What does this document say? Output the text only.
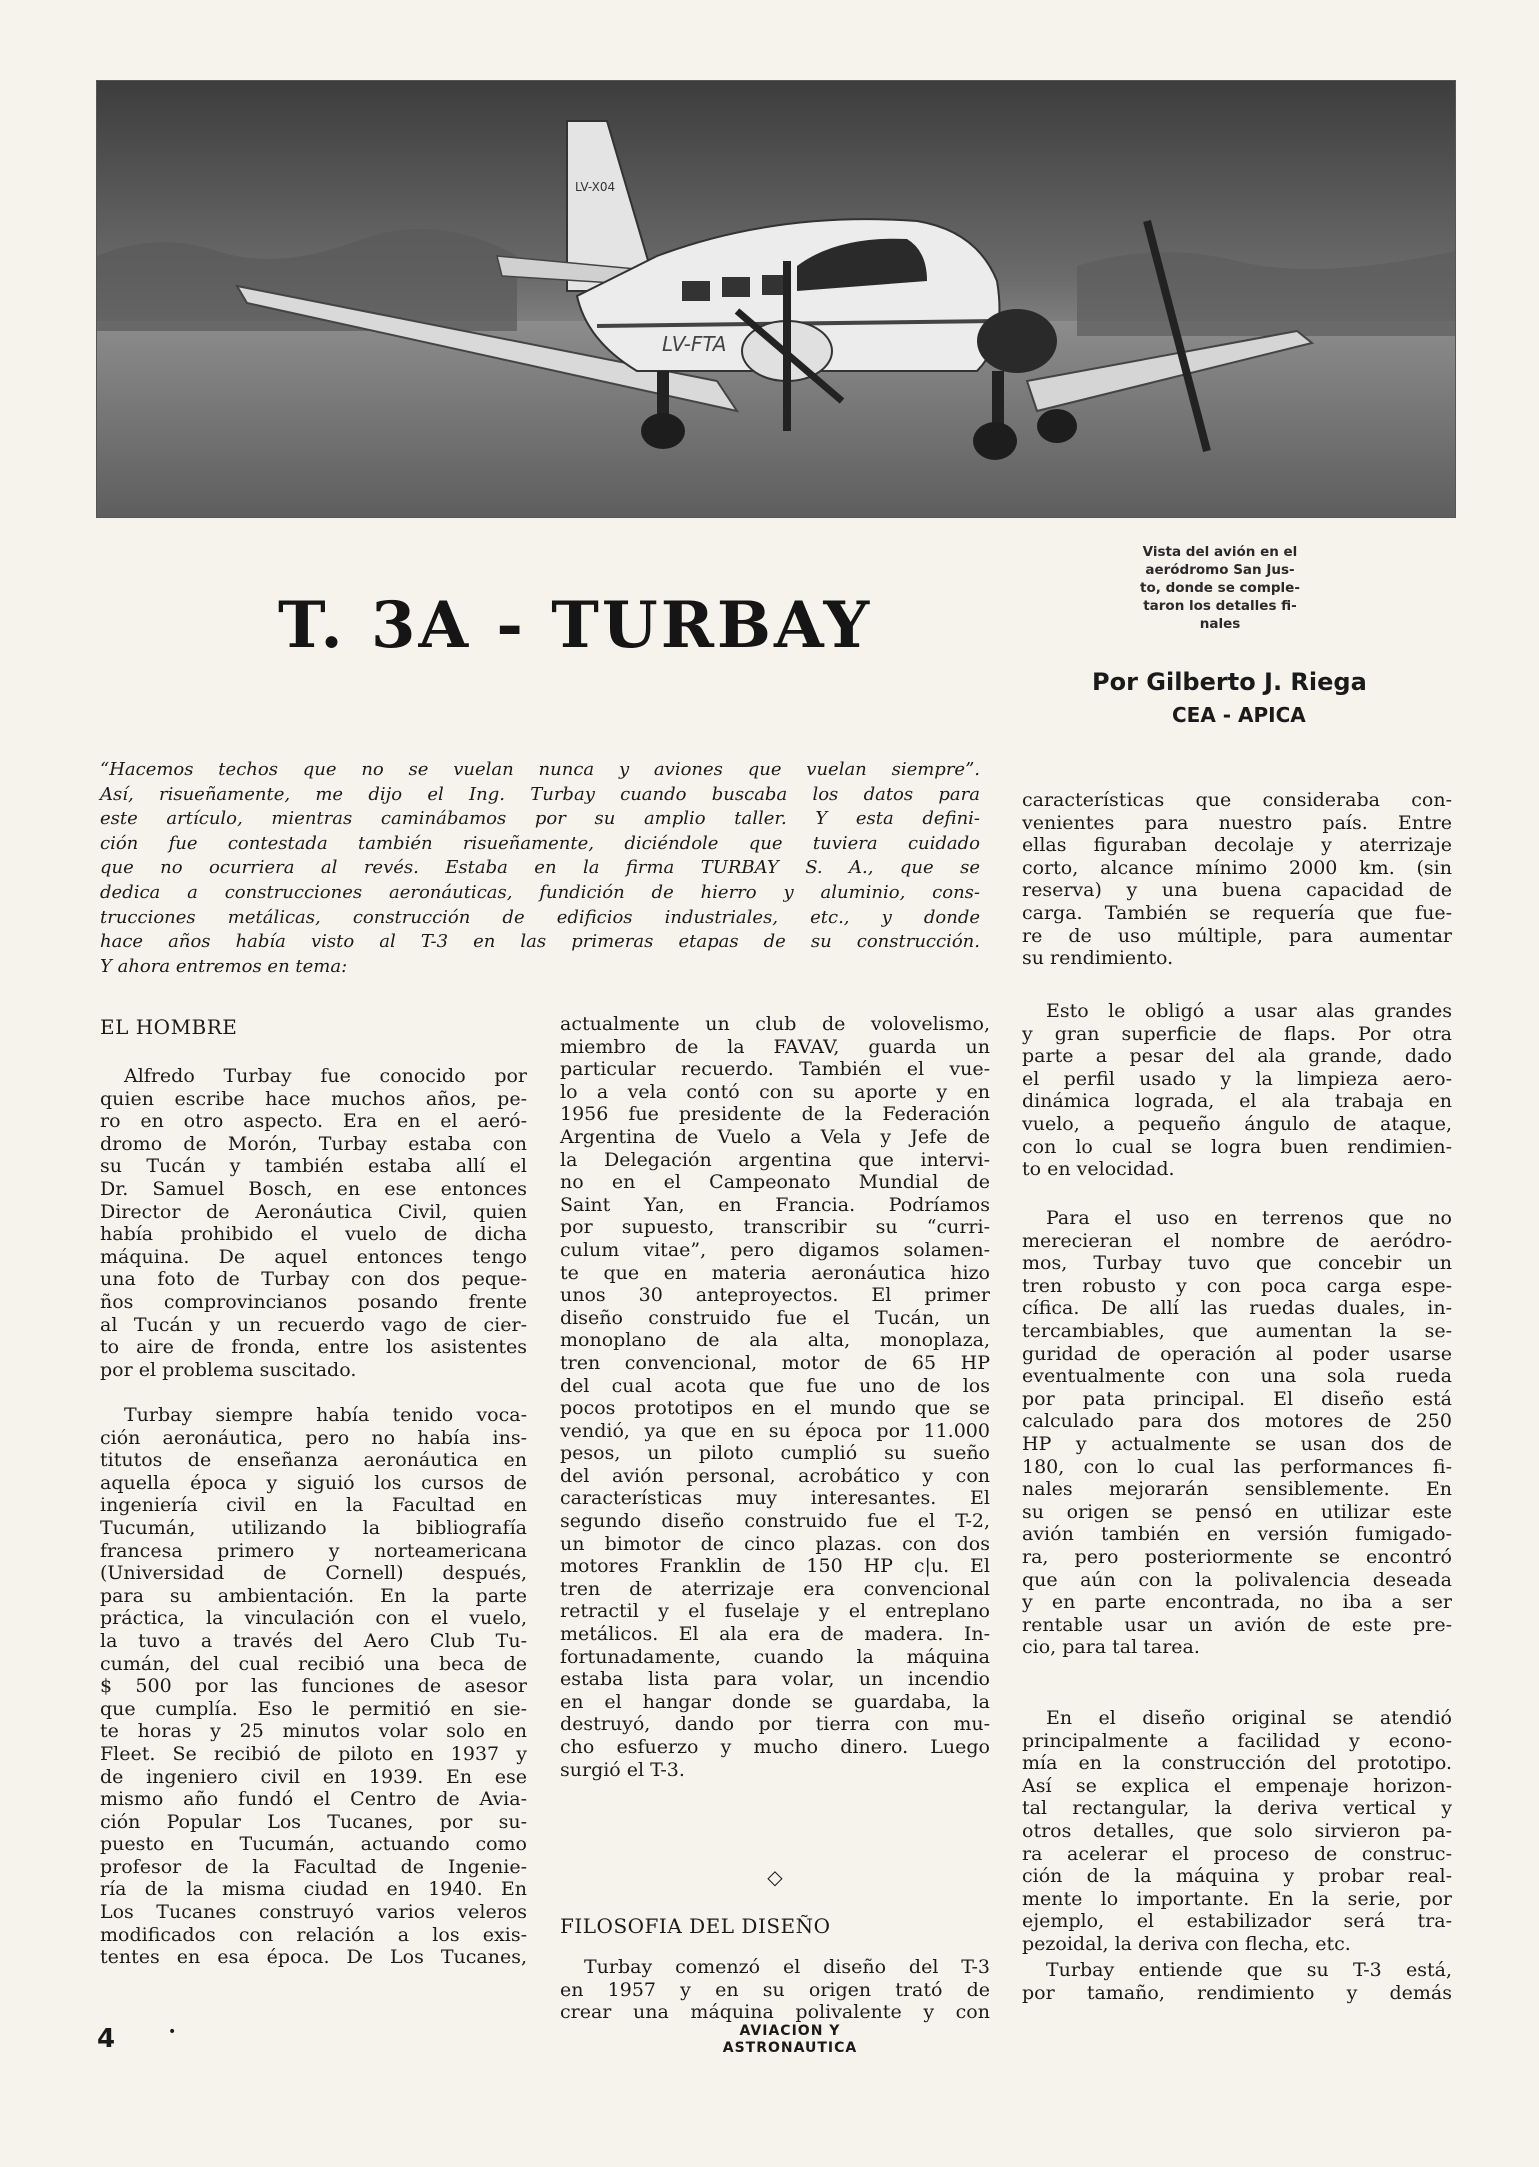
LV-X04
LV-FTA
Vista del avión en el
aeródromo San Jus-
to, donde se comple-
taron los detalles fi-
nales
T. 3A - TURBAY
Por Gilberto J. Riega
CEA - APICA
“Hacemos techos que no se vuelan nunca y aviones que vuelan siempre”.
Así, risueñamente, me dijo el Ing. Turbay cuando buscaba los datos para
este artículo, mientras caminábamos por su amplio taller. Y esta defini-
ción fue contestada también risueñamente, diciéndole que tuviera cuidado
que no ocurriera al revés. Estaba en la firma TURBAY S. A., que se
dedica a construcciones aeronáuticas, fundición de hierro y aluminio, cons-
trucciones metálicas, construcción de edificios industriales, etc., y donde
hace años había visto al T-3 en las primeras etapas de su construcción.
Y ahora entremos en tema:
EL HOMBRE
Alfredo Turbay fue conocido por
quien escribe hace muchos años, pe-
ro en otro aspecto. Era en el aeró-
dromo de Morón, Turbay estaba con
su Tucán y también estaba allí el
Dr. Samuel Bosch, en ese entonces
Director de Aeronáutica Civil, quien
había prohibido el vuelo de dicha
máquina. De aquel entonces tengo
una foto de Turbay con dos peque-
ños comprovincianos posando frente
al Tucán y un recuerdo vago de cier-
to aire de fronda, entre los asistentes
por el problema suscitado.
Turbay siempre había tenido voca-
ción aeronáutica, pero no había ins-
titutos de enseñanza aeronáutica en
aquella época y siguió los cursos de
ingeniería civil en la Facultad en
Tucumán, utilizando la bibliografía
francesa primero y norteamericana
(Universidad de Cornell) después,
para su ambientación. En la parte
práctica, la vinculación con el vuelo,
la tuvo a través del Aero Club Tu-
cumán, del cual recibió una beca de
$ 500 por las funciones de asesor
que cumplía. Eso le permitió en sie-
te horas y 25 minutos volar solo en
Fleet. Se recibió de piloto en 1937 y
de ingeniero civil en 1939. En ese
mismo año fundó el Centro de Avia-
ción Popular Los Tucanes, por su-
puesto en Tucumán, actuando como
profesor de la Facultad de Ingenie-
ría de la misma ciudad en 1940. En
Los Tucanes construyó varios veleros
modificados con relación a los exis-
tentes en esa época. De Los Tucanes,
actualmente un club de volovelismo,
miembro de la FAVAV, guarda un
particular recuerdo. También el vue-
lo a vela contó con su aporte y en
1956 fue presidente de la Federación
Argentina de Vuelo a Vela y Jefe de
la Delegación argentina que intervi-
no en el Campeonato Mundial de
Saint Yan, en Francia. Podríamos
por supuesto, transcribir su “curri-
culum vitae”, pero digamos solamen-
te que en materia aeronáutica hizo
unos 30 anteproyectos. El primer
diseño construido fue el Tucán, un
monoplano de ala alta, monoplaza,
tren convencional, motor de 65 HP
del cual acota que fue uno de los
pocos prototipos en el mundo que se
vendió, ya que en su época por 11.000
pesos, un piloto cumplió su sueño
del avión personal, acrobático y con
características muy interesantes. El
segundo diseño construido fue el T-2,
un bimotor de cinco plazas. con dos
motores Franklin de 150 HP c|u. El
tren de aterrizaje era convencional
retractil y el fuselaje y el entreplano
metálicos. El ala era de madera. In-
fortunadamente, cuando la máquina
estaba lista para volar, un incendio
en el hangar donde se guardaba, la
destruyó, dando por tierra con mu-
cho esfuerzo y mucho dinero. Luego
surgió el T-3.
◇
FILOSOFIA DEL DISEÑO
Turbay comenzó el diseño del T-3
en 1957 y en su origen trató de
crear una máquina polivalente y con
características que consideraba con-
venientes para nuestro país. Entre
ellas figuraban decolaje y aterrizaje
corto, alcance mínimo 2000 km. (sin
reserva) y una buena capacidad de
carga. También se requería que fue-
re de uso múltiple, para aumentar
su rendimiento.
Esto le obligó a usar alas grandes
y gran superficie de flaps. Por otra
parte a pesar del ala grande, dado
el perfil usado y la limpieza aero-
dinámica lograda, el ala trabaja en
vuelo, a pequeño ángulo de ataque,
con lo cual se logra buen rendimien-
to en velocidad.
Para el uso en terrenos que no
merecieran el nombre de aeródro-
mos, Turbay tuvo que concebir un
tren robusto y con poca carga espe-
cífica. De allí las ruedas duales, in-
tercambiables, que aumentan la se-
guridad de operación al poder usarse
eventualmente con una sola rueda
por pata principal. El diseño está
calculado para dos motores de 250
HP y actualmente se usan dos de
180, con lo cual las performances fi-
nales mejorarán sensiblemente. En
su origen se pensó en utilizar este
avión también en versión fumigado-
ra, pero posteriormente se encontró
que aún con la polivalencia deseada
y en parte encontrada, no iba a ser
rentable usar un avión de este pre-
cio, para tal tarea.
En el diseño original se atendió
principalmente a facilidad y econo-
mía en la construcción del prototipo.
Así se explica el empenaje horizon-
tal rectangular, la deriva vertical y
otros detalles, que solo sirvieron pa-
ra acelerar el proceso de construc-
ción de la máquina y probar real-
mente lo importante. En la serie, por
ejemplo, el estabilizador será tra-
pezoidal, la deriva con flecha, etc.
Turbay entiende que su T-3 está,
por tamaño, rendimiento y demás
4	•	AVIACION Y
ASTRONAUTICA
